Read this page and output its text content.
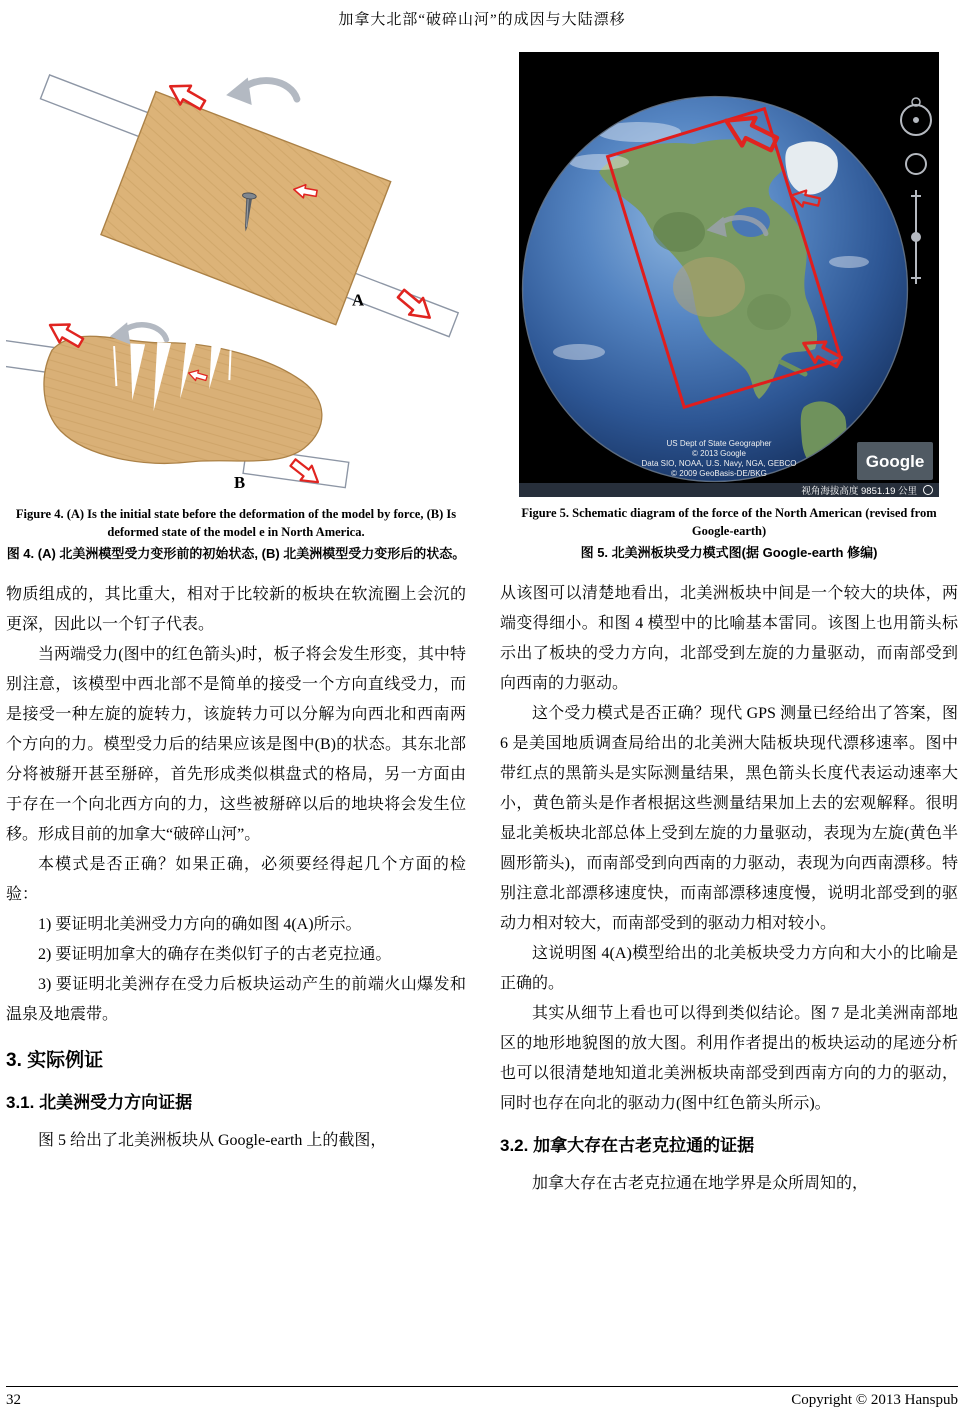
加拿大北部“破碎山河”的成因与大陆漂移
A
B
Figure 4. (A) Is the initial state before the deformation of the model by force, (B) Is deformed state of the model e in North America.
图 4. (A) 北美洲模型受力变形前的初始状态, (B) 北美洲模型受力变形后的状态。

物质组成的，其比重大，相对于比较新的板块在软流圈上会沉的更深，因此以一个钉子代表。

当两端受力(图中的红色箭头)时，板子将会发生形变，其中特别注意，该模型中西北部不是简单的接受一个方向直线受力，而是接受一种左旋的旋转力，该旋转力可以分解为向西北和西南两个方向的力。模型受力后的结果应该是图中(B)的状态。其东北部分将被掰开甚至掰碎，首先形成类似棋盘式的格局，另一方面由于存在一个向北西方向的力，这些被掰碎以后的地块将会发生位移。形成目前的加拿大“破碎山河”。

本模式是否正确？如果正确，必须要经得起几个方面的检验：

1) 要证明北美洲受力方向的确如图 4(A)所示。

2) 要证明加拿大的确存在类似钉子的古老克拉通。

3) 要证明北美洲存在受力后板块运动产生的前端火山爆发和温泉及地震带。

3. 实际例证
3.1. 北美洲受力方向证据

图 5 给出了北美洲板块从 Google-earth 上的截图，

US Dept of State Geographer
© 2013 Google
Data SIO, NOAA, U.S. Navy, NGA, GEBCO
© 2009 GeoBasis-DE/BKG
Google
视角海拔高度 9851.19 公里
Figure 5. Schematic diagram of the force of the North American (revised from Google-earth)
图 5. 北美洲板块受力模式图(据 Google-earth 修编)

从该图可以清楚地看出，北美洲板块中间是一个较大的块体，两端变得细小。和图 4 模型中的比喻基本雷同。该图上也用箭头标示出了板块的受力方向，北部受到左旋的力量驱动，而南部受到向西南的力驱动。

这个受力模式是否正确？现代 GPS 测量已经给出了答案，图 6 是美国地质调查局给出的北美洲大陆板块现代漂移速率。图中带红点的黑箭头是实际测量结果，黑色箭头长度代表运动速率大小，黄色箭头是作者根据这些测量结果加上去的宏观解释。很明显北美板块北部总体上受到左旋的力量驱动，表现为左旋(黄色半圆形箭头)，而南部受到向西南的力驱动，表现为向西南漂移。特别注意北部漂移速度快，而南部漂移速度慢，说明北部受到的驱动力相对较大，而南部受到的驱动力相对较小。

这说明图 4(A)模型给出的北美板块受力方向和大小的比喻是正确的。

其实从细节上看也可以得到类似结论。图 7 是北美洲南部地区的地形地貌图的放大图。利用作者提出的板块运动的尾迹分析也可以很清楚地知道北美洲板块南部受到西南方向的力的驱动，同时也存在向北的驱动力(图中红色箭头所示)。

3.2. 加拿大存在古老克拉通的证据

加拿大存在古老克拉通在地学界是众所周知的，

32	Copyright © 2013 Hanspub
